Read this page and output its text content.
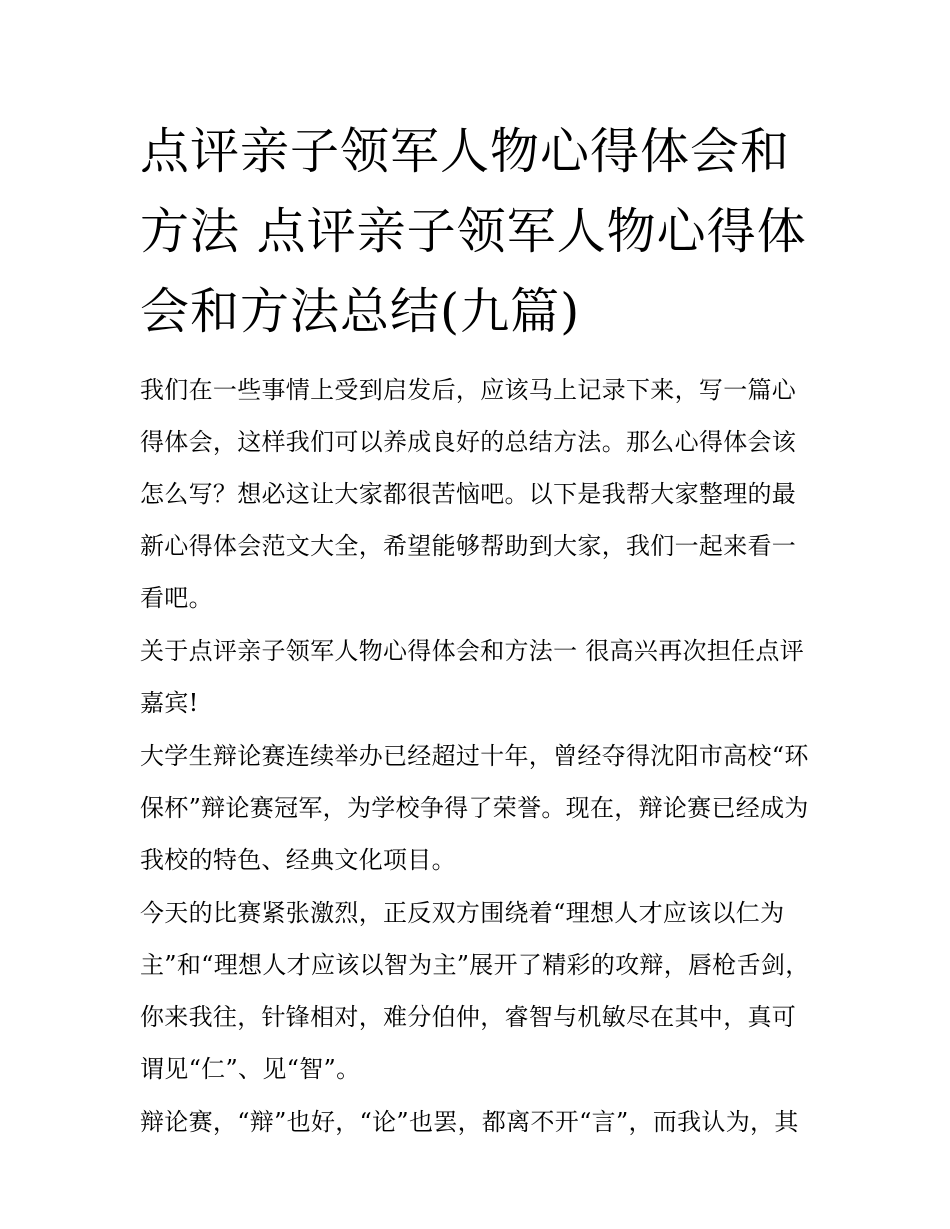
点评亲子领军人物心得体会和方法 点评亲子领军人物心得体会和方法总结(九篇)

我们在一些事情上受到启发后，应该马上记录下来，写一篇心得体会，这样我们可以养成良好的总结方法。那么心得体会该怎么写？想必这让大家都很苦恼吧。以下是我帮大家整理的最新心得体会范文大全，希望能够帮助到大家，我们一起来看一看吧。

关于点评亲子领军人物心得体会和方法一 很高兴再次担任点评嘉宾!

大学生辩论赛连续举办已经超过十年，曾经夺得沈阳市高校“环保杯”辩论赛冠军，为学校争得了荣誉。现在，辩论赛已经成为我校的特色、经典文化项目。

今天的比赛紧张激烈，正反双方围绕着“理想人才应该以仁为主”和“理想人才应该以智为主”展开了精彩的攻辩，唇枪舌剑，你来我往，针锋相对，难分伯仲，睿智与机敏尽在其中，真可谓见“仁”、见“智”。

辩论赛，“辩”也好，“论”也罢，都离不开“言”，而我认为，其
